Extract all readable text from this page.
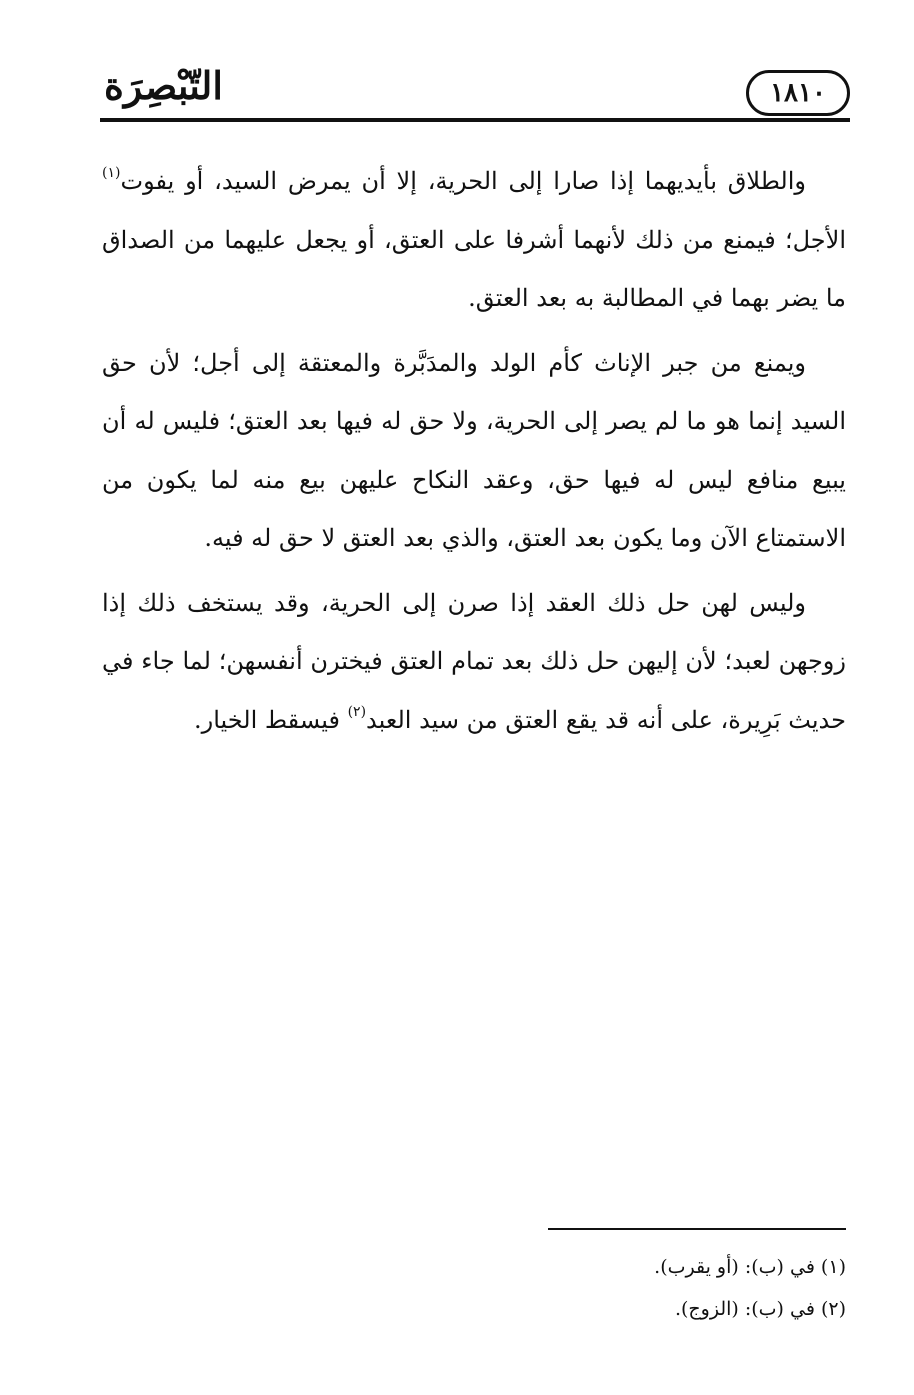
التّبْصِرَة	١٨١٠

والطلاق بأيديهما إذا صارا إلى الحرية، إلا أن يمرض السيد، أو يفوت$^{(١)}$ الأجل؛ فيمنع من ذلك لأنهما أشرفا على العتق، أو يجعل عليهما من الصداق ما يضر بهما في المطالبة به بعد العتق.

ويمنع من جبر الإناث كأم الولد والمدَبَّرة والمعتقة إلى أجل؛ لأن حق السيد إنما هو ما لم يصر إلى الحرية، ولا حق له فيها بعد العتق؛ فليس له أن يبيع منافع ليس له فيها حق، وعقد النكاح عليهن بيع منه لما يكون من الاستمتاع الآن وما يكون بعد العتق، والذي بعد العتق لا حق له فيه.

وليس لهن حل ذلك العقد إذا صرن إلى الحرية، وقد يستخف ذلك إذا زوجهن لعبد؛ لأن إليهن حل ذلك بعد تمام العتق فيخترن أنفسهن؛ لما جاء في حديث بَرِيرة، على أنه قد يقع العتق من سيد العبد$^{(٢)}$ فيسقط الخيار.

(١) في (ب): (أو يقرب).

(٢) في (ب): (الزوج).
